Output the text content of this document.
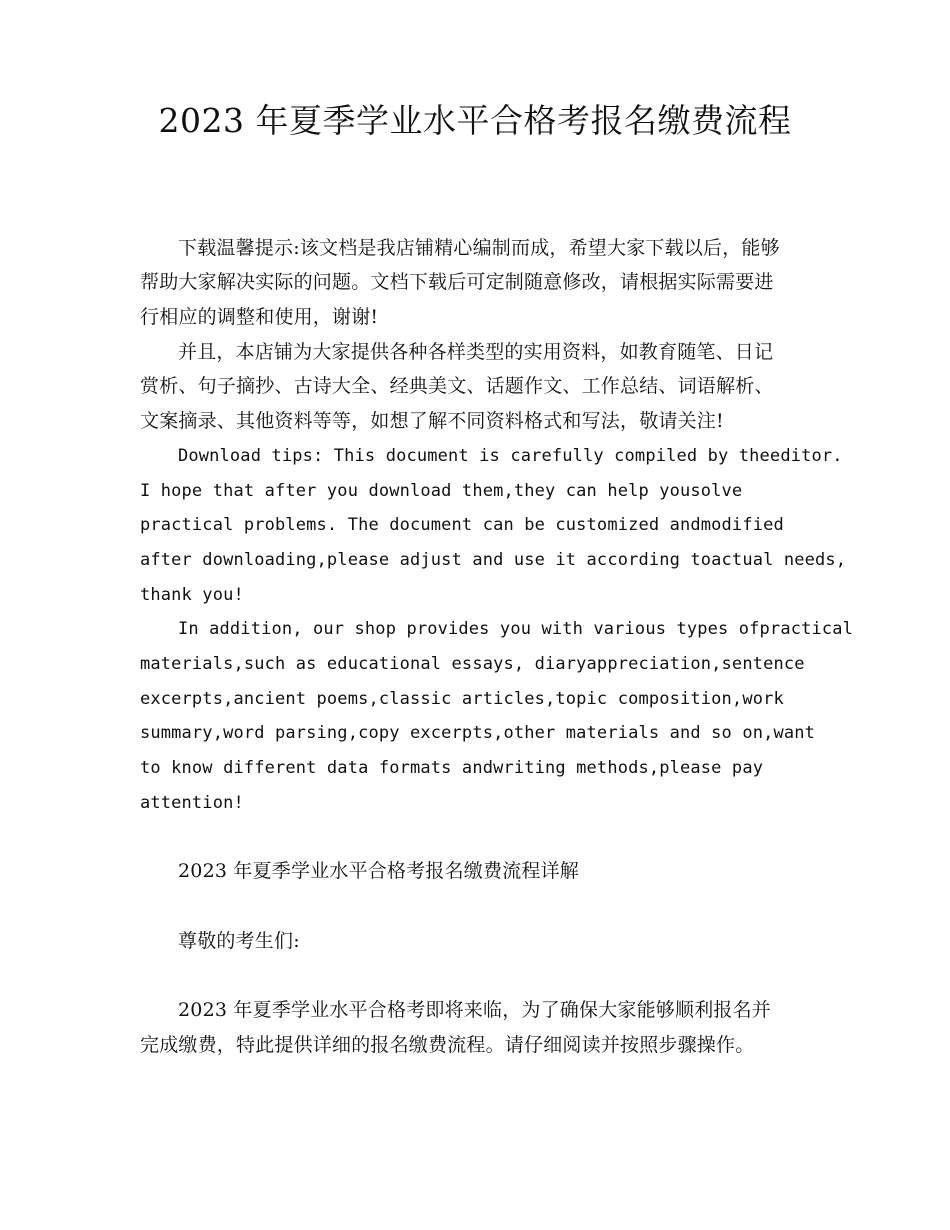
2023 年夏季学业水平合格考报名缴费流程
下载温馨提示:该文档是我店铺精心编制而成，希望大家下载以后，能够
帮助大家解决实际的问题。文档下载后可定制随意修改，请根据实际需要进
行相应的调整和使用，谢谢!
并且，本店铺为大家提供各种各样类型的实用资料，如教育随笔、日记
赏析、句子摘抄、古诗大全、经典美文、话题作文、工作总结、词语解析、
文案摘录、其他资料等等，如想了解不同资料格式和写法，敬请关注!
Download tips: This document is carefully compiled by theeditor.
I hope that after you download them,they can help yousolve
practical problems. The document can be customized andmodified
after downloading,please adjust and use it according toactual needs,
thank you!
In addition, our shop provides you with various types ofpractical
materials,such as educational essays, diaryappreciation,sentence
excerpts,ancient poems,classic articles,topic composition,work
summary,word parsing,copy excerpts,other materials and so on,want
to know different data formats andwriting methods,please pay
attention!
2023 年夏季学业水平合格考报名缴费流程详解
尊敬的考生们:
2023 年夏季学业水平合格考即将来临，为了确保大家能够顺利报名并
完成缴费，特此提供详细的报名缴费流程。请仔细阅读并按照步骤操作。
